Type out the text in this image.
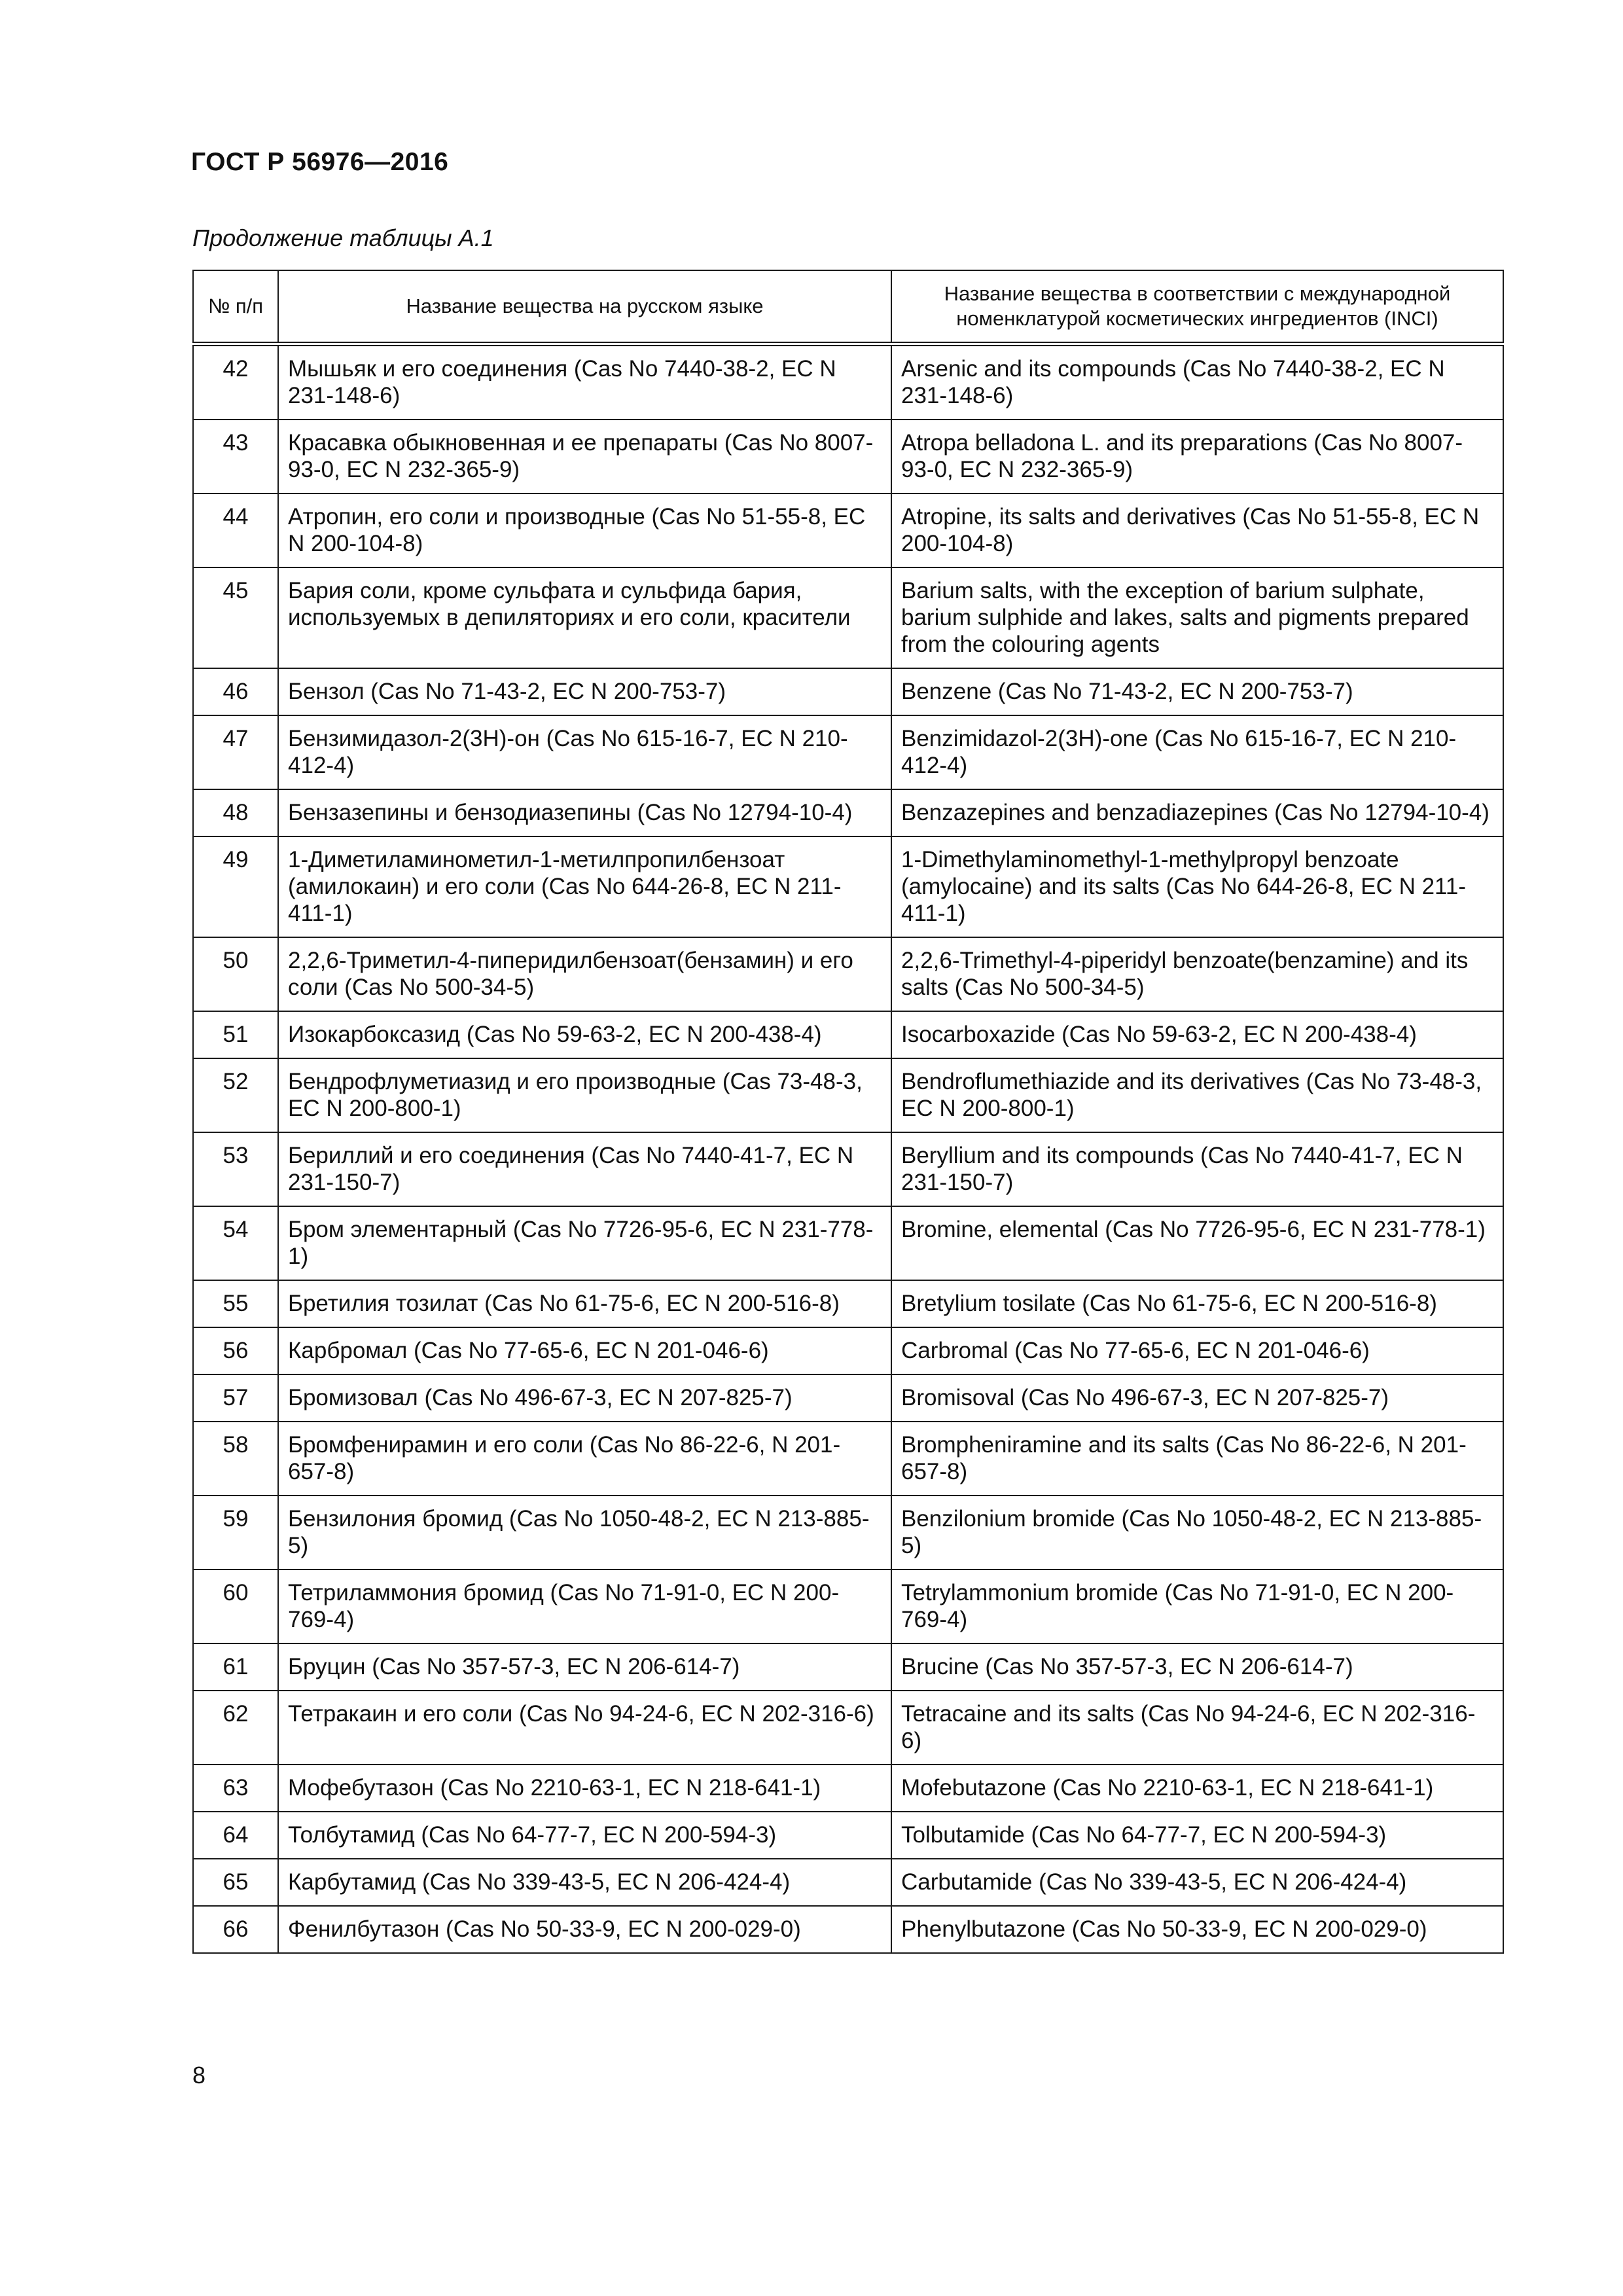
ГОСТ Р 56976—2016
Продолжение таблицы А.1
№ п/п	Название вещества на русском языке	Название вещества в соответствии с международной номенклатурой косметических ингредиентов (INCI)
42	Мышьяк и его соединения (Cas No 7440-38-2, EC N 231-148-6)	Arsenic and its compounds (Cas No 7440-38-2, EC N 231-148-6)
43	Красавка обыкновенная и ее препараты (Cas No 8007-93-0, EC N 232-365-9)	Atropa belladona L. and its preparations (Cas No 8007-93-0, EC N 232-365-9)
44	Атропин, его соли и производные (Cas No 51-55-8, EC N 200-104-8)	Atropine, its salts and derivatives (Cas No 51-55-8, EC N 200-104-8)
45	Бария соли, кроме сульфата и сульфида бария, используемых в депиляториях и его соли, красители	Barium salts, with the exception of barium sulphate, barium sulphide and lakes, salts and pigments prepared from the colouring agents
46	Бензол (Cas No 71-43-2, EC N 200-753-7)	Benzene (Cas No 71-43-2, EC N 200-753-7)
47	Бензимидазол-2(3Н)-он (Cas No 615-16-7, EC N 210-412-4)	Benzimidazol-2(3H)-one (Cas No 615-16-7, EC N 210-412-4)
48	Бензазепины и бензодиазепины (Cas No 12794-10-4)	Benzazepines and benzadiazepines (Cas No 12794-10-4)
49	1-Диметиламинометил-1-метилпропилбензоат (амилокаин) и его соли (Cas No 644-26-8, EC N 211-411-1)	1-Dimethylaminomethyl-1-methylpropyl benzoate (amylocaine) and its salts (Cas No 644-26-8, EC N 211-411-1)
50	2,2,6-Триметил-4-пиперидилбензоат(бензамин) и его соли (Cas No 500-34-5)	2,2,6-Trimethyl-4-piperidyl benzoate(benzamine) and its salts (Cas No 500-34-5)
51	Изокарбоксазид (Cas No 59-63-2, EC N 200-438-4)	Isocarboxazide (Cas No 59-63-2, EC N 200-438-4)
52	Бендрофлуметиазид и его производные (Cas 73-48-3, EC N 200-800-1)	Bendroflumethiazide and its derivatives (Cas No 73-48-3, EC N 200-800-1)
53	Бериллий и его соединения (Cas No 7440-41-7, EC N 231-150-7)	Beryllium and its compounds (Cas No 7440-41-7, EC N 231-150-7)
54	Бром элементарный (Cas No 7726-95-6, EC N 231-778-1)	Bromine, elemental (Cas No 7726-95-6, EC N 231-778-1)
55	Бретилия тозилат (Cas No 61-75-6, EC N 200-516-8)	Bretylium tosilate (Cas No 61-75-6, EC N 200-516-8)
56	Карбромал (Cas No 77-65-6, EC N 201-046-6)	Carbromal (Cas No 77-65-6, EC N 201-046-6)
57	Бромизовал (Cas No 496-67-3, EC N 207-825-7)	Bromisoval (Cas No 496-67-3, EC N 207-825-7)
58	Бромфенирамин и его соли (Cas No 86-22-6, N 201-657-8)	Brompheniramine and its salts (Cas No 86-22-6, N 201-657-8)
59	Бензилония бромид (Cas No 1050-48-2, EC N 213-885-5)	Benzilonium bromide (Cas No 1050-48-2, EC N 213-885-5)
60	Тетриламмония бромид (Cas No 71-91-0, EC N 200-769-4)	Tetrylammonium bromide (Cas No 71-91-0, EC N 200-769-4)
61	Бруцин (Cas No 357-57-3, EC N 206-614-7)	Brucine (Cas No 357-57-3, EC N 206-614-7)
62	Тетракаин и его соли (Cas No 94-24-6, EC N 202-316-6)	Tetracaine and its salts (Cas No 94-24-6, EC N 202-316-6)
63	Мофебутазон (Cas No 2210-63-1, EC N 218-641-1)	Mofebutazone (Cas No 2210-63-1, EC N 218-641-1)
64	Толбутамид (Cas No 64-77-7, EC N 200-594-3)	Tolbutamide (Cas No 64-77-7, EC N 200-594-3)
65	Карбутамид (Cas No 339-43-5, EC N 206-424-4)	Carbutamide (Cas No 339-43-5, EC N 206-424-4)
66	Фенилбутазон (Cas No 50-33-9, EC N 200-029-0)	Phenylbutazone (Cas No 50-33-9, EC N 200-029-0)
8
